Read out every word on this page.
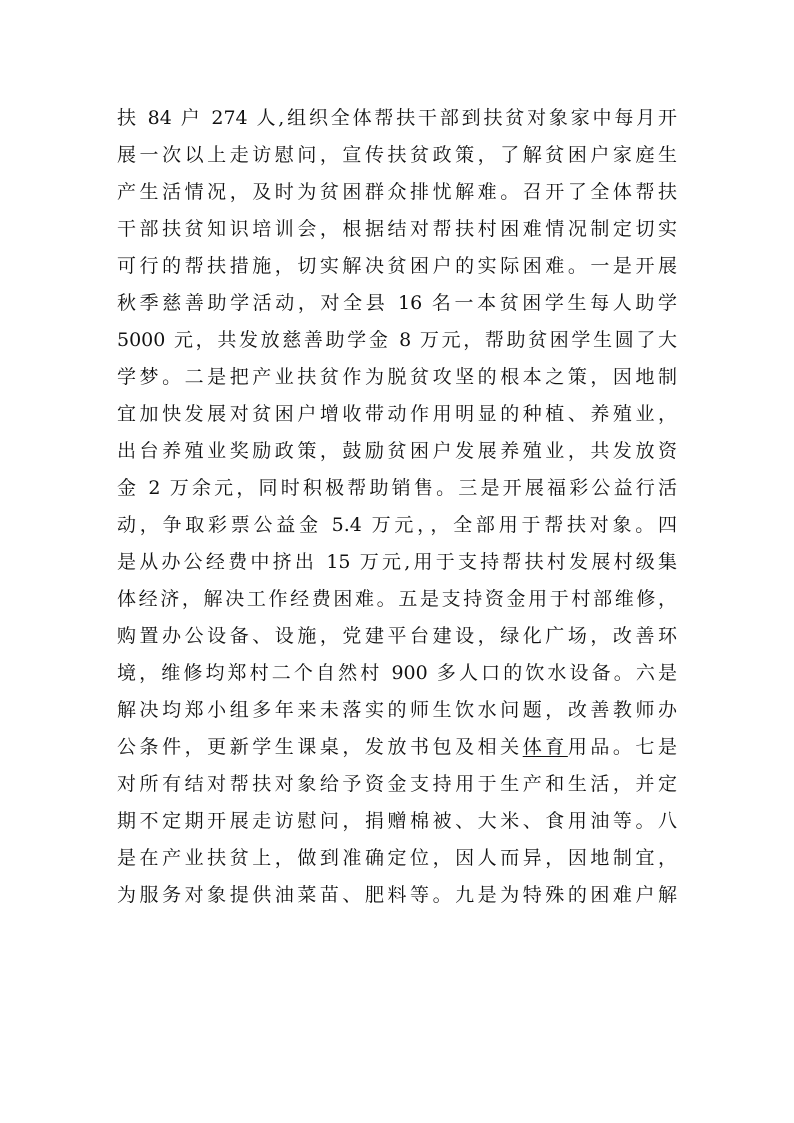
扶 84 户 274 人,组织全体帮扶干部到扶贫对象家中每月开
展一次以上走访慰问，宣传扶贫政策，了解贫困户家庭生
产生活情况，及时为贫困群众排忧解难。召开了全体帮扶
干部扶贫知识培训会，根据结对帮扶村困难情况制定切实
可行的帮扶措施，切实解决贫困户的实际困难。一是开展
秋季慈善助学活动，对全县 16 名一本贫困学生每人助学
5000 元，共发放慈善助学金 8 万元，帮助贫困学生圆了大
学梦。二是把产业扶贫作为脱贫攻坚的根本之策，因地制
宜加快发展对贫困户增收带动作用明显的种植、养殖业，
出台养殖业奖励政策，鼓励贫困户发展养殖业，共发放资
金 2 万余元，同时积极帮助销售。三是开展福彩公益行活
动，争取彩票公益金 5.4 万元，，全部用于帮扶对象。四
是从办公经费中挤出 15 万元,用于支持帮扶村发展村级集
体经济，解决工作经费困难。五是支持资金用于村部维修，
购置办公设备、设施，党建平台建设，绿化广场，改善环
境，维修均郑村二个自然村 900 多人口的饮水设备。六是
解决均郑小组多年来未落实的师生饮水问题，改善教师办
公条件，更新学生课桌，发放书包及相关体育用品。七是
对所有结对帮扶对象给予资金支持用于生产和生活，并定
期不定期开展走访慰问，捐赠棉被、大米、食用油等。八
是在产业扶贫上，做到准确定位，因人而异，因地制宜，
为服务对象提供油菜苗、肥料等。九是为特殊的困难户解
